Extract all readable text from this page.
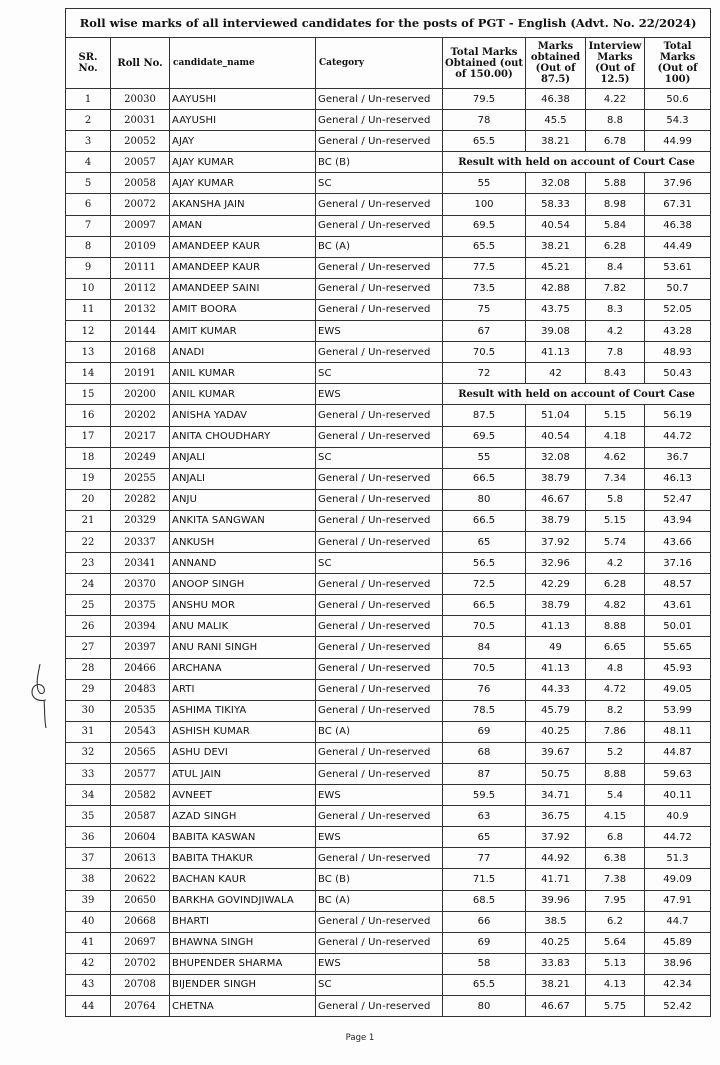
Roll wise marks of all interviewed candidates for the posts of PGT - English (Advt. No. 22/2024)							
SR. No.	Roll No.	candidate_name	Category	Total Marks Obtained (out of 150.00)	Marks obtained (Out of 87.5)	Interview Marks (Out of 12.5)	Total Marks (Out of 100)
1	20030	AAYUSHI	General / Un-reserved	79.5	46.38	4.22	50.6
2	20031	AAYUSHI	General / Un-reserved	78	45.5	8.8	54.3
3	20052	AJAY	General / Un-reserved	65.5	38.21	6.78	44.99
4	20057	AJAY KUMAR	BC (B)	Result with held on account of Court Case			
5	20058	AJAY KUMAR	SC	55	32.08	5.88	37.96
6	20072	AKANSHA JAIN	General / Un-reserved	100	58.33	8.98	67.31
7	20097	AMAN	General / Un-reserved	69.5	40.54	5.84	46.38
8	20109	AMANDEEP KAUR	BC (A)	65.5	38.21	6.28	44.49
9	20111	AMANDEEP KAUR	General / Un-reserved	77.5	45.21	8.4	53.61
10	20112	AMANDEEP SAINI	General / Un-reserved	73.5	42.88	7.82	50.7
11	20132	AMIT BOORA	General / Un-reserved	75	43.75	8.3	52.05
12	20144	AMIT KUMAR	EWS	67	39.08	4.2	43.28
13	20168	ANADI	General / Un-reserved	70.5	41.13	7.8	48.93
14	20191	ANIL KUMAR	SC	72	42	8.43	50.43
15	20200	ANIL KUMAR	EWS	Result with held on account of Court Case			
16	20202	ANISHA YADAV	General / Un-reserved	87.5	51.04	5.15	56.19
17	20217	ANITA CHOUDHARY	General / Un-reserved	69.5	40.54	4.18	44.72
18	20249	ANJALI	SC	55	32.08	4.62	36.7
19	20255	ANJALI	General / Un-reserved	66.5	38.79	7.34	46.13
20	20282	ANJU	General / Un-reserved	80	46.67	5.8	52.47
21	20329	ANKITA SANGWAN	General / Un-reserved	66.5	38.79	5.15	43.94
22	20337	ANKUSH	General / Un-reserved	65	37.92	5.74	43.66
23	20341	ANNAND	SC	56.5	32.96	4.2	37.16
24	20370	ANOOP SINGH	General / Un-reserved	72.5	42.29	6.28	48.57
25	20375	ANSHU MOR	General / Un-reserved	66.5	38.79	4.82	43.61
26	20394	ANU MALIK	General / Un-reserved	70.5	41.13	8.88	50.01
27	20397	ANU RANI SINGH	General / Un-reserved	84	49	6.65	55.65
28	20466	ARCHANA	General / Un-reserved	70.5	41.13	4.8	45.93
29	20483	ARTI	General / Un-reserved	76	44.33	4.72	49.05
30	20535	ASHIMA TIKIYA	General / Un-reserved	78.5	45.79	8.2	53.99
31	20543	ASHISH KUMAR	BC (A)	69	40.25	7.86	48.11
32	20565	ASHU DEVI	General / Un-reserved	68	39.67	5.2	44.87
33	20577	ATUL JAIN	General / Un-reserved	87	50.75	8.88	59.63
34	20582	AVNEET	EWS	59.5	34.71	5.4	40.11
35	20587	AZAD SINGH	General / Un-reserved	63	36.75	4.15	40.9
36	20604	BABITA KASWAN	EWS	65	37.92	6.8	44.72
37	20613	BABITA THAKUR	General / Un-reserved	77	44.92	6.38	51.3
38	20622	BACHAN KAUR	BC (B)	71.5	41.71	7.38	49.09
39	20650	BARKHA GOVINDJIWALA	BC (A)	68.5	39.96	7.95	47.91
40	20668	BHARTI	General / Un-reserved	66	38.5	6.2	44.7
41	20697	BHAWNA SINGH	General / Un-reserved	69	40.25	5.64	45.89
42	20702	BHUPENDER SHARMA	EWS	58	33.83	5.13	38.96
43	20708	BIJENDER SINGH	SC	65.5	38.21	4.13	42.34
44	20764	CHETNA	General / Un-reserved	80	46.67	5.75	52.42
Page 1
